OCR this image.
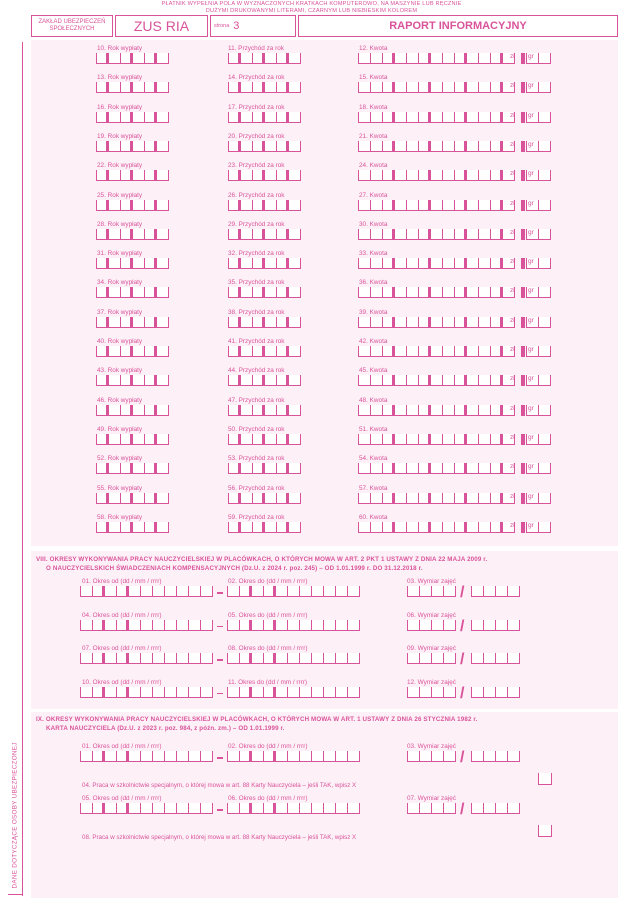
PŁATNIK WYPEŁNIA POLA W WYZNACZONYCH KRATKACH KOMPUTEROWO, NA MASZYNIE LUB RĘCZNIE
DUŻYMI DRUKOWANYMI LITERAMI, CZARNYM LUB NIEBIESKIM KOLOREM
ZAKŁAD UBEZPIECZEŃ
SPOŁECZNYCH	ZUS RIA	strona 3	RAPORT INFORMACYJNY
DANE DOTYCZĄCE OSOBY UBEZPIECZONEJ
10. Rok wypłaty	11. Przychód za rok	12. Kwota
zł gr
13. Rok wypłaty	14. Przychód za rok	15. Kwota
zł gr
16. Rok wypłaty	17. Przychód za rok	18. Kwota
zł gr
19. Rok wypłaty	20. Przychód za rok	21. Kwota
zł gr
22. Rok wypłaty	23. Przychód za rok	24. Kwota
zł gr
25. Rok wypłaty	26. Przychód za rok	27. Kwota
zł gr
28. Rok wypłaty	29. Przychód za rok	30. Kwota
zł gr
31. Rok wypłaty	32. Przychód za rok	33. Kwota
zł gr
34. Rok wypłaty	35. Przychód za rok	36. Kwota
zł gr
37. Rok wypłaty	38. Przychód za rok	39. Kwota
zł gr
40. Rok wypłaty	41. Przychód za rok	42. Kwota
zł gr
43. Rok wypłaty	44. Przychód za rok	45. Kwota
zł gr
46. Rok wypłaty	47. Przychód za rok	48. Kwota
zł gr
49. Rok wypłaty	50. Przychód za rok	51. Kwota
zł gr
52. Rok wypłaty	53. Przychód za rok	54. Kwota
zł gr
55. Rok wypłaty	56. Przychód za rok	57. Kwota
zł gr
58. Rok wypłaty	59. Przychód za rok	60. Kwota
zł gr
VIII. OKRESY WYKONYWANIA PRACY NAUCZYCIELSKIEJ W PLACÓWKACH, O KTÓRYCH MOWA W ART. 2 PKT 1 USTAWY Z DNIA 22 MAJA 2009 r.
O NAUCZYCIELSKICH ŚWIADCZENIACH KOMPENSACYJNYCH (Dz.U. z 2024 r. poz. 245) – OD 1.01.1999 r. DO 31.12.2018 r.
01. Okres od (dd / mm / rrrr)	02. Okres do (dd / mm / rrrr)	03. Wymiar zajęć
/
04. Okres od (dd / mm / rrrr)	05. Okres do (dd / mm / rrrr)	06. Wymiar zajęć
/
07. Okres od (dd / mm / rrrr)	08. Okres do (dd / mm / rrrr)	09. Wymiar zajęć
/
10. Okres od (dd / mm / rrrr)	11. Okres do (dd / mm / rrrr)	12. Wymiar zajęć
/
IX. OKRESY WYKONYWANIA PRACY NAUCZYCIELSKIEJ W PLACÓWKACH, O KTÓRYCH MOWA W ART. 1 USTAWY Z DNIA 26 STYCZNIA 1982 r.
KARTA NAUCZYCIELA (Dz.U. z 2023 r. poz. 984, z późn. zm.) – OD 1.01.1999 r.
01. Okres od (dd / mm / rrrr)	02. Okres do (dd / mm / rrrr)	03. Wymiar zajęć
/
04. Praca w szkolnictwie specjalnym, o której mowa w art. 88 Karty Nauczyciela – jeśli TAK, wpisz X
05. Okres od (dd / mm / rrrr)	06. Okres do (dd / mm / rrrr)	07. Wymiar zajęć
/
08. Praca w szkolnictwie specjalnym, o której mowa w art. 88 Karty Nauczyciela – jeśli TAK, wpisz X
